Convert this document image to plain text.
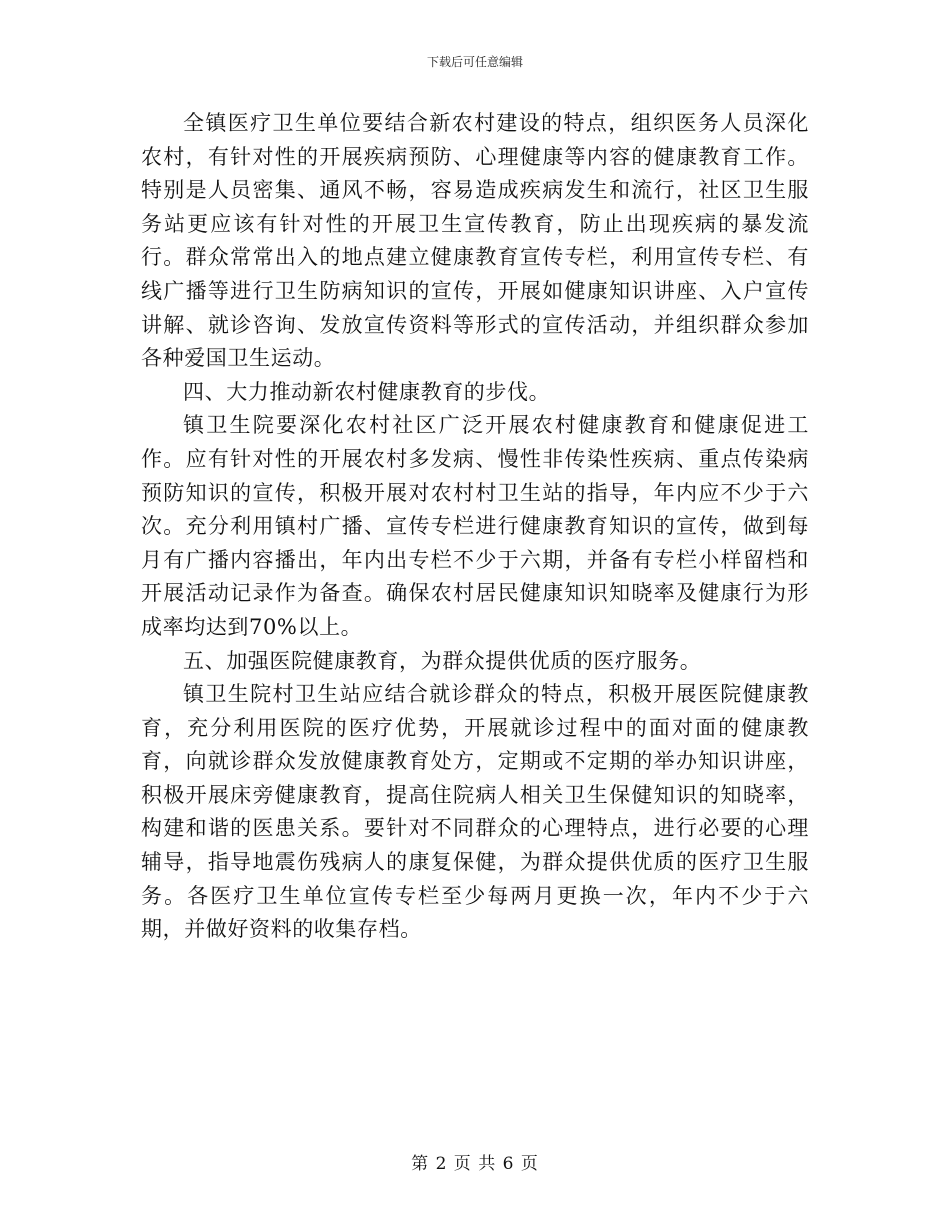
下载后可任意编辑

全镇医疗卫生单位要结合新农村建设的特点，组织医务人员深化农村，有针对性的开展疾病预防、心理健康等内容的健康教育工作。特别是人员密集、通风不畅，容易造成疾病发生和流行，社区卫生服务站更应该有针对性的开展卫生宣传教育，防止出现疾病的暴发流行。群众常常出入的地点建立健康教育宣传专栏，利用宣传专栏、有线广播等进行卫生防病知识的宣传，开展如健康知识讲座、入户宣传讲解、就诊咨询、发放宣传资料等形式的宣传活动，并组织群众参加各种爱国卫生运动。

四、大力推动新农村健康教育的步伐。

镇卫生院要深化农村社区广泛开展农村健康教育和健康促进工作。应有针对性的开展农村多发病、慢性非传染性疾病、重点传染病预防知识的宣传，积极开展对农村村卫生站的指导，年内应不少于六次。充分利用镇村广播、宣传专栏进行健康教育知识的宣传，做到每月有广播内容播出，年内出专栏不少于六期，并备有专栏小样留档和开展活动记录作为备查。确保农村居民健康知识知晓率及健康行为形成率均达到70%以上。

五、加强医院健康教育，为群众提供优质的医疗服务。

镇卫生院村卫生站应结合就诊群众的特点，积极开展医院健康教育，充分利用医院的医疗优势，开展就诊过程中的面对面的健康教育，向就诊群众发放健康教育处方，定期或不定期的举办知识讲座，积极开展床旁健康教育，提高住院病人相关卫生保健知识的知晓率，构建和谐的医患关系。要针对不同群众的心理特点，进行必要的心理辅导，指导地震伤残病人的康复保健，为群众提供优质的医疗卫生服务。各医疗卫生单位宣传专栏至少每两月更换一次，年内不少于六期，并做好资料的收集存档。

第 2 页 共 6 页
